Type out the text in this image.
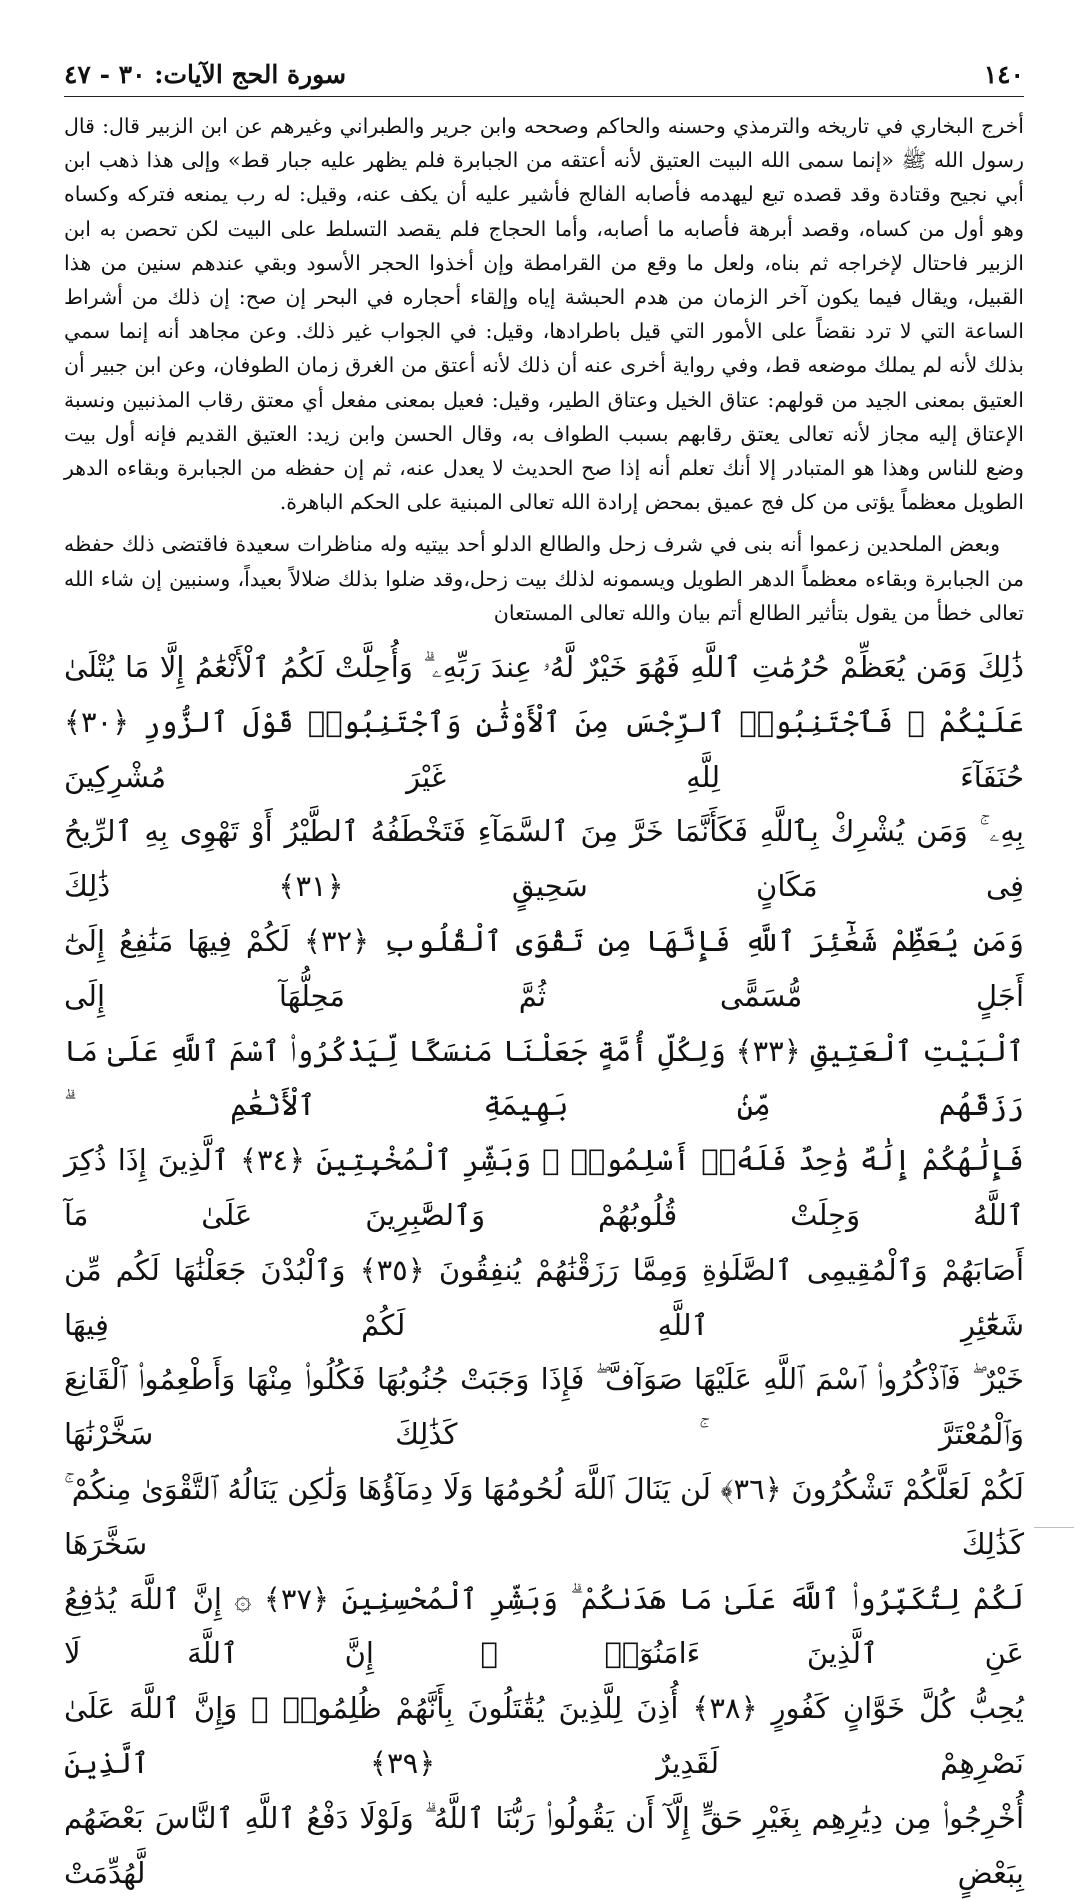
١٤٠
سورة الحج الآيات: ٣٠ - ٤٧

أخرج البخاري في تاريخه والترمذي وحسنه والحاكم وصححه وابن جرير والطبراني وغيرهم عن ابن الزبير قال: قال رسول الله ﷺ «إنما سمى الله البيت العتيق لأنه أعتقه من الجبابرة فلم يظهر عليه جبار قط» وإلى هذا ذهب ابن أبي نجيح وقتادة وقد قصده تبع ليهدمه فأصابه الفالج فأشير عليه أن يكف عنه، وقيل: له رب يمنعه فتركه وكساه وهو أول من كساه، وقصد أبرهة فأصابه ما أصابه، وأما الحجاج فلم يقصد التسلط على البيت لكن تحصن به ابن الزبير فاحتال لإخراجه ثم بناه، ولعل ما وقع من القرامطة وإن أخذوا الحجر الأسود وبقي عندهم سنين من هذا القبيل، ويقال فيما يكون آخر الزمان من هدم الحبشة إياه وإلقاء أحجاره في البحر إن صح: إن ذلك من أشراط الساعة التي لا ترد نقضاً على الأمور التي قيل باطرادها، وقيل: في الجواب غير ذلك. وعن مجاهد أنه إنما سمي بذلك لأنه لم يملك موضعه قط، وفي رواية أخرى عنه أن ذلك لأنه أعتق من الغرق زمان الطوفان، وعن ابن جبير أن العتيق بمعنى الجيد من قولهم: عتاق الخيل وعتاق الطير، وقيل: فعيل بمعنى مفعل أي معتق رقاب المذنبين ونسبة الإعتاق إليه مجاز لأنه تعالى يعتق رقابهم بسبب الطواف به، وقال الحسن وابن زيد: العتيق القديم فإنه أول بيت وضع للناس وهذا هو المتبادر إلا أنك تعلم أنه إذا صح الحديث لا يعدل عنه، ثم إن حفظه من الجبابرة وبقاءه الدهر الطويل معظماً يؤتى من كل فج عميق بمحض إرادة الله تعالى المبنية على الحكم الباهرة.

وبعض الملحدين زعموا أنه بنى في شرف زحل والطالع الدلو أحد بيتيه وله مناظرات سعيدة فاقتضى ذلك حفظه من الجبابرة وبقاءه معظماً الدهر الطويل ويسمونه لذلك بيت زحل،وقد ضلوا بذلك ضلالاً بعيداً، وسنبين إن شاء الله تعالى خطأ من يقول بتأثير الطالع أتم بيان والله تعالى المستعان

ذَٰلِكَ وَمَن يُعَظِّمْ حُرُمَٰتِ ٱللَّهِ فَهُوَ خَيْرٌ لَّهُۥ عِندَ رَبِّهِۦ ۗ وَأُحِلَّتْ لَكُمُ ٱلْأَنْعَٰمُ إِلَّا مَا يُتْلَىٰ

عَلَيْكُمْ ۖ فَٱجْتَنِبُوا۟ ٱلرِّجْسَ مِنَ ٱلْأَوْثَٰنِ وَٱجْتَنِبُوا۟ قَوْلَ ٱلزُّورِ ﴿٣٠﴾ حُنَفَآءَ لِلَّهِ غَيْرَ مُشْرِكِينَ

بِهِۦ ۚ وَمَن يُشْرِكْ بِٱللَّهِ فَكَأَنَّمَا خَرَّ مِنَ ٱلسَّمَآءِ فَتَخْطَفُهُ ٱلطَّيْرُ أَوْ تَهْوِى بِهِ ٱلرِّيحُ فِى مَكَانٍ سَحِيقٍ ﴿٣١﴾ ذَٰلِكَ

وَمَن يُعَظِّمْ شَعَٰٓئِرَ ٱللَّهِ فَإِنَّهَا مِن تَقْوَى ٱلْقُلُوبِ ﴿٣٢﴾ لَكُمْ فِيهَا مَنَٰفِعُ إِلَىٰٓ أَجَلٍ مُّسَمًّى ثُمَّ مَحِلُّهَآ إِلَى

ٱلْبَيْتِ ٱلْعَتِيقِ ﴿٣٣﴾ وَلِكُلِّ أُمَّةٍ جَعَلْنَا مَنسَكًا لِّيَذْكُرُوا۟ ٱسْمَ ٱللَّهِ عَلَىٰ مَا رَزَقَهُم مِّنۢ بَهِيمَةِ ٱلْأَنْعَٰمِ ۗ

فَإِلَٰهُكُمْ إِلَٰهٌ وَٰحِدٌ فَلَهُۥٓ أَسْلِمُوا۟ ۗ وَبَشِّرِ ٱلْمُخْبِتِينَ ﴿٣٤﴾ ٱلَّذِينَ إِذَا ذُكِرَ ٱللَّهُ وَجِلَتْ قُلُوبُهُمْ وَٱلصَّٰبِرِينَ عَلَىٰ مَآ

أَصَابَهُمْ وَٱلْمُقِيمِى ٱلصَّلَوٰةِ وَمِمَّا رَزَقْنَٰهُمْ يُنفِقُونَ ﴿٣٥﴾ وَٱلْبُدْنَ جَعَلْنَٰهَا لَكُم مِّن شَعَٰٓئِرِ ٱللَّهِ لَكُمْ فِيهَا

خَيْرٌ ۖ فَٱذْكُرُوا۟ ٱسْمَ ٱللَّهِ عَلَيْهَا صَوَآفَّ ۖ فَإِذَا وَجَبَتْ جُنُوبُهَا فَكُلُوا۟ مِنْهَا وَأَطْعِمُوا۟ ٱلْقَانِعَ وَٱلْمُعْتَرَّ ۚ كَذَٰلِكَ سَخَّرْنَٰهَا

لَكُمْ لَعَلَّكُمْ تَشْكُرُونَ ﴿٣٦﴾ لَن يَنَالَ ٱللَّهَ لُحُومُهَا وَلَا دِمَآؤُهَا وَلَٰكِن يَنَالُهُ ٱلتَّقْوَىٰ مِنكُمْ ۚ كَذَٰلِكَ سَخَّرَهَا

لَكُمْ لِتُكَبِّرُوا۟ ٱللَّهَ عَلَىٰ مَا هَدَىٰكُمْ ۗ وَبَشِّرِ ٱلْمُحْسِنِينَ ﴿٣٧﴾ ۞ إِنَّ ٱللَّهَ يُدَٰفِعُ عَنِ ٱلَّذِينَ ءَامَنُوٓا۟ ۗ إِنَّ ٱللَّهَ لَا

يُحِبُّ كُلَّ خَوَّانٍ كَفُورٍ ﴿٣٨﴾ أُذِنَ لِلَّذِينَ يُقَٰتَلُونَ بِأَنَّهُمْ ظُلِمُوا۟ ۚ وَإِنَّ ٱللَّهَ عَلَىٰ نَصْرِهِمْ لَقَدِيرٌ ﴿٣٩﴾ ٱلَّذِينَ

أُخْرِجُوا۟ مِن دِيَٰرِهِم بِغَيْرِ حَقٍّ إِلَّآ أَن يَقُولُوا۟ رَبُّنَا ٱللَّهُ ۗ وَلَوْلَا دَفْعُ ٱللَّهِ ٱلنَّاسَ بَعْضَهُم بِبَعْضٍ لَّهُدِّمَتْ
